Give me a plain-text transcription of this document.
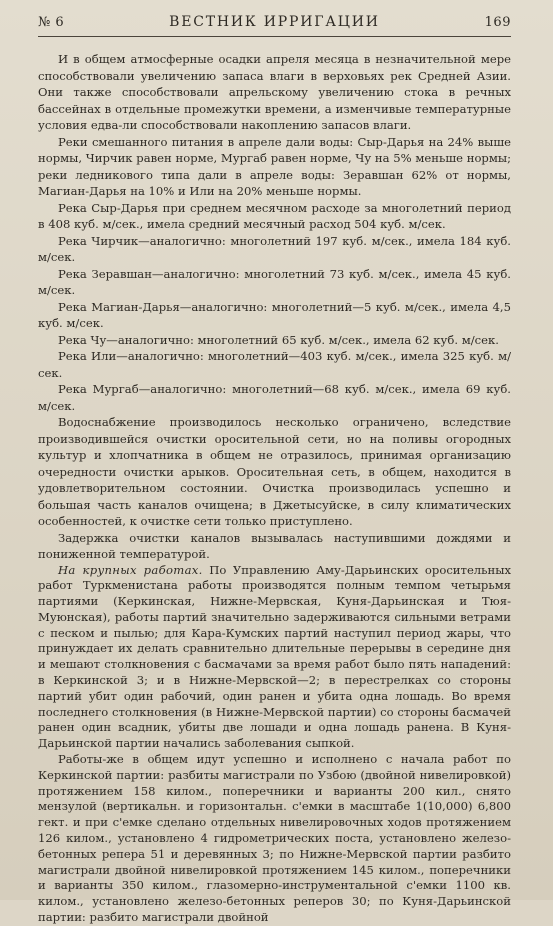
№ 6	ВЕСТНИК ИРРИГАЦИИ	169

И в общем атмосферные осадки апреля месяца в незначительной мере способствовали увеличению запаса влаги в верховьях рек Средней Азии. Они также способствовали апрельскому увеличению стока в речных бассейнах в отдельные промежутки времени, а изменчивые температурные условия едва-ли способствовали накоплению запасов влаги.

Реки смешанного питания в апреле дали воды: Сыр-Дарья на 24% выше нормы, Чирчик равен норме, Мургаб равен норме, Чу на 5% меньше нормы; реки ледникового типа дали в апреле воды: Зеравшан 62% от нормы, Магиан-Дарья на 10% и Или на 20% меньше нормы.

Река Сыр-Дарья при среднем месячном расходе за многолетний период в 408 куб. м/сек., имела средний месячный расход 504 куб. м/сек.

Река Чирчик—аналогично: многолетний 197 куб. м/сек., имела 184 куб. м/сек.

Река Зеравшан—аналогично: многолетний 73 куб. м/сек., имела 45 куб. м/сек.

Река Магиан-Дарья—аналогично: многолетний—5 куб. м/сек., имела 4,5 куб. м/сек.

Река Чу—аналогично: многолетний 65 куб. м/сек., имела 62 куб. м/сек.

Река Или—аналогично: многолетний—403 куб. м/сек., имела 325 куб. м/сек.

Река Мургаб—аналогично: многолетний—68 куб. м/сек., имела 69 куб. м/сек.

Водоснабжение производилось несколько ограничено, вследствие производившейся очистки оросительной сети, но на поливы огородных культур и хлопчатника в общем не отразилось, принимая организацию очередности очистки арыков. Оросительная сеть, в общем, находится в удовлетворительном состоянии. Очистка производилась успешно и большая часть каналов очищена; в Джетысуйске, в силу климатических особенностей, к очистке сети только приступлено.

Задержка очистки каналов вызывалась наступившими дождями и пониженной температурой.

На крупных работах. По Управлению Аму-Дарьинских оросительных работ Туркменистана работы производятся полным темпом четырьмя партиями (Керкинская, Нижне-Мервская, Куня-Дарьинская и Тюя-Муюнская), работы партий значительно задерживаются сильными ветрами с песком и пылью; для Кара-Кумских партий наступил период жары, что принуждает их делать сравнительно длительные перерывы в середине дня и мешают столкновения с басмачами за время работ было пять нападений: в Керкинской 3; и в Нижне-Мервской—2; в перестрелках со стороны партий убит один рабочий, один ранен и убита одна лошадь. Во время последнего столкновения (в Нижне-Мервской партии) со стороны басмачей ранен один всадник, убиты две лошади и одна лошадь ранена. В Куня-Дарьинской партии начались заболевания сыпкой.

Работы-же в общем идут успешно и исполнено с начала работ по Керкинской партии: разбиты магистрали по Узбою (двойной нивелировкой) протяжением 158 килом., поперечники и варианты 200 кил., снято мензулой (вертикальн. и горизонтальн. с'емки в масштабе 1(10,000) 6,800 гект. и при с'емке сделано отдельных нивелировочных ходов протяжением 126 килом., установлено 4 гидрометрических поста, установлено железо-бетонных репера 51 и деревянных 3; по Нижне-Мервской партии разбито магистрали двойной нивелировкой протяжением 145 килом., поперечники и варианты 350 килом., глазомерно-инструментальной с'емки 1100 кв. килом., установлено железо-бетонных реперов 30; по Куня-Дарьинской партии: разбито магистрали двойной
